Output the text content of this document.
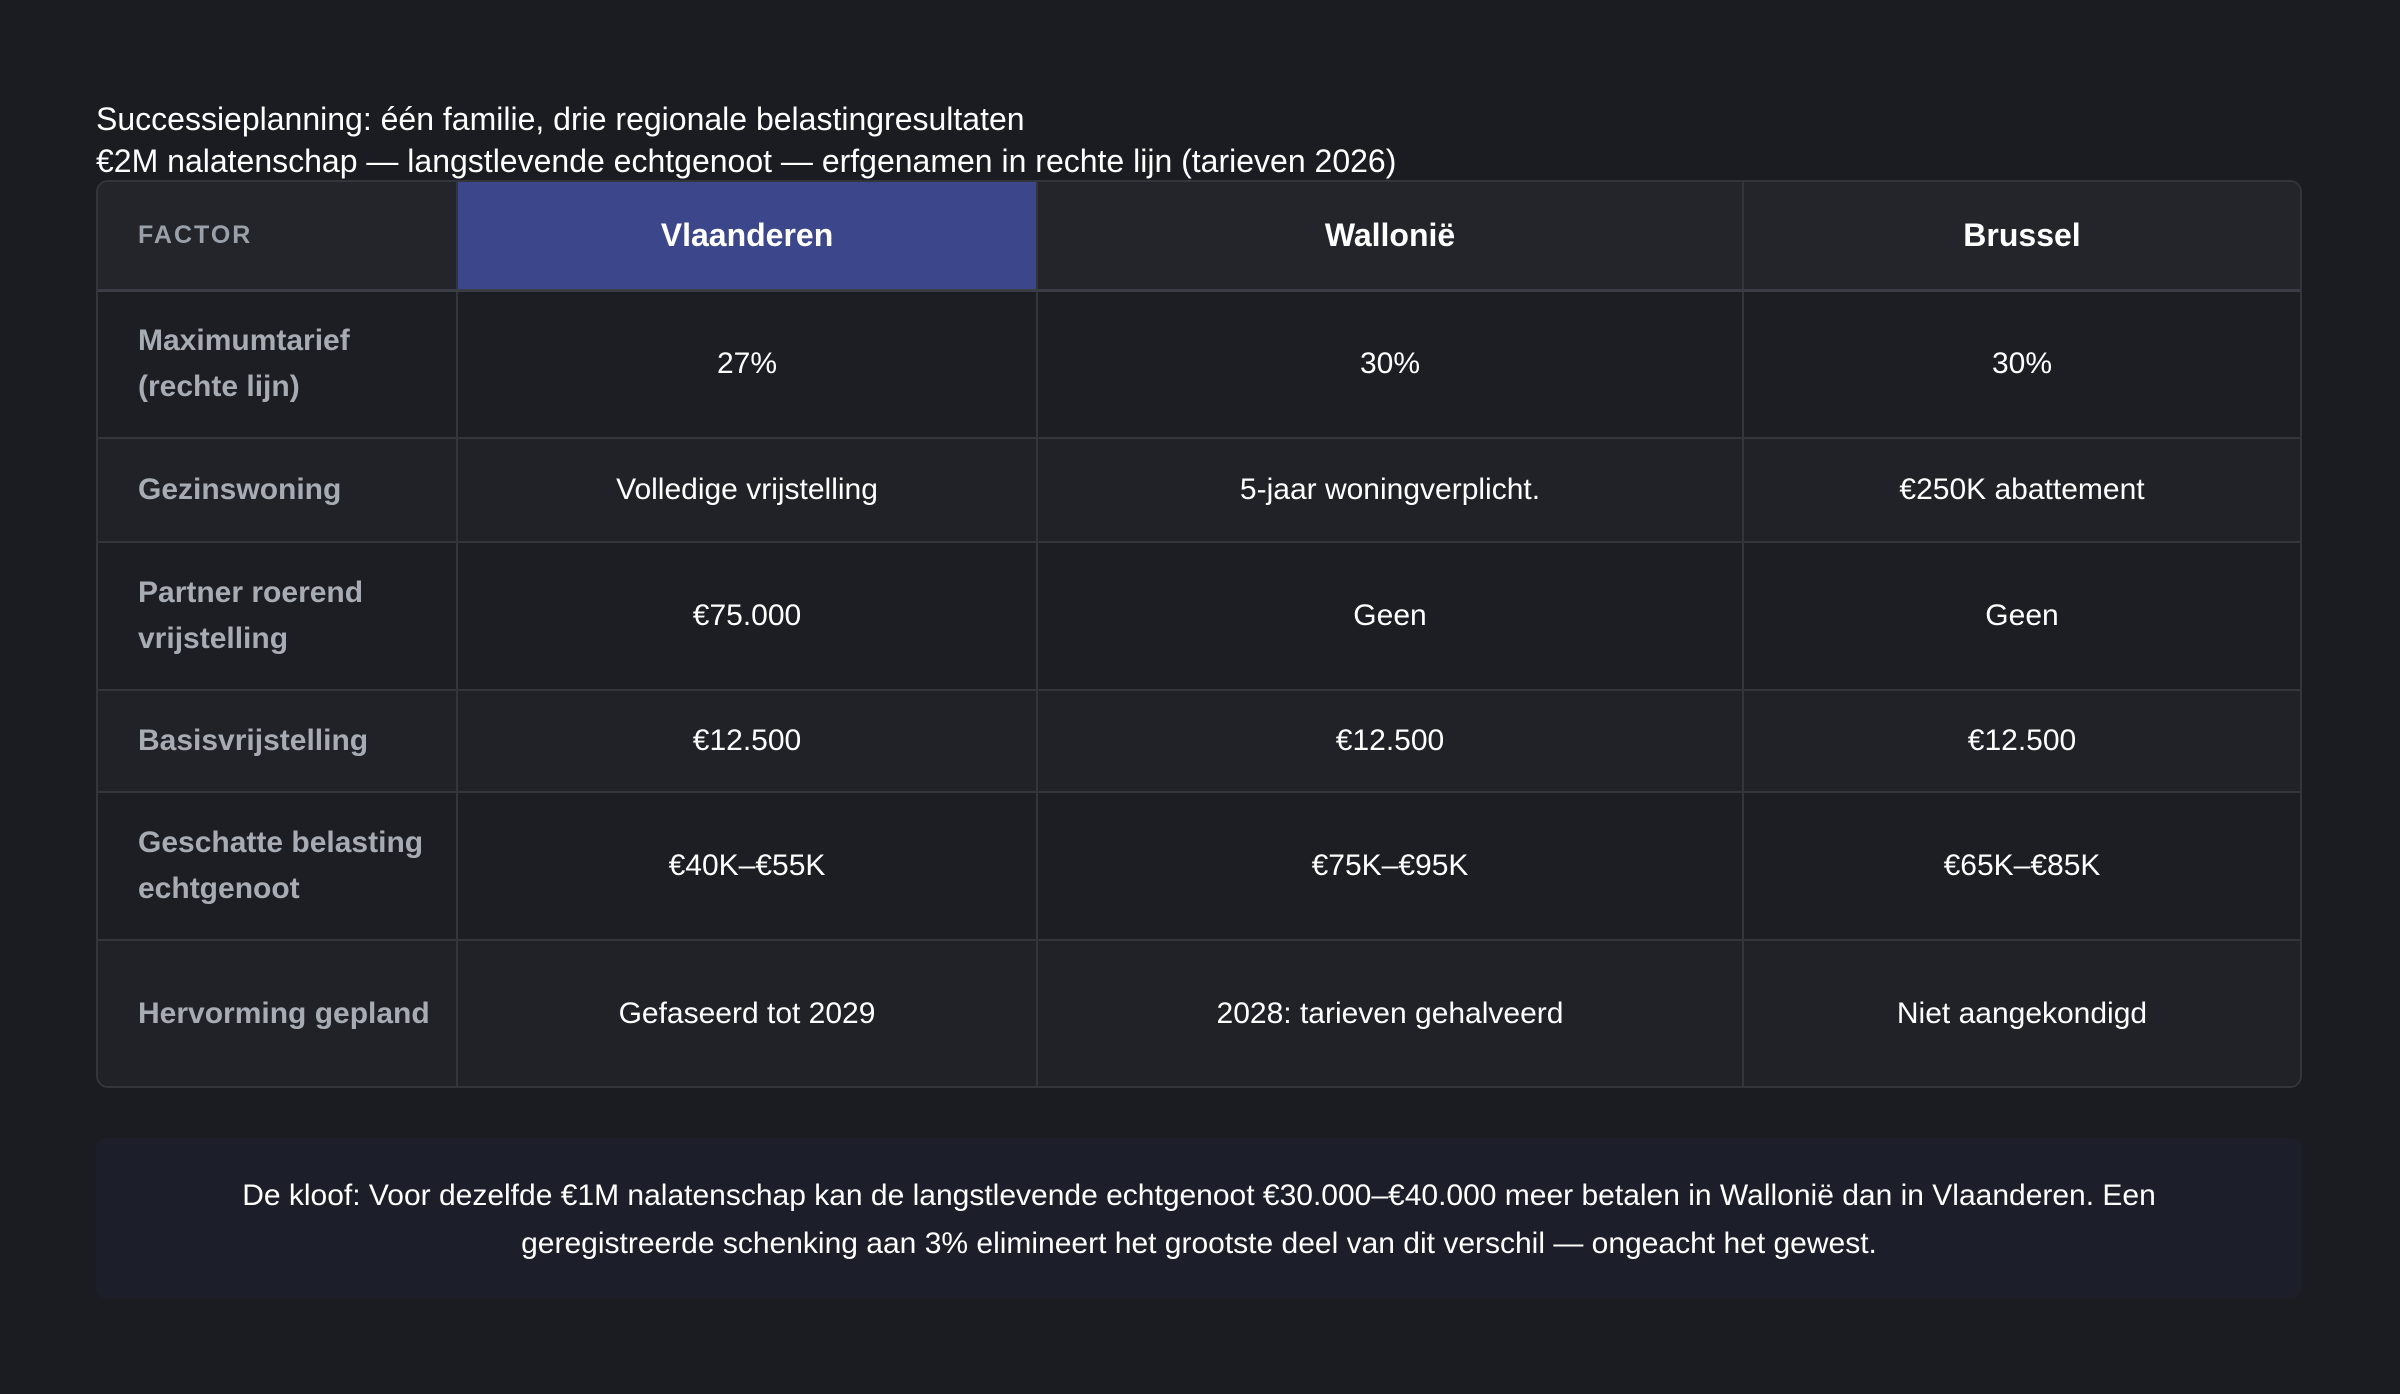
Successieplanning: één familie, drie regionale belastingresultaten
€2M nalatenschap — langstlevende echtgenoot — erfgenamen in rechte lijn (tarieven 2026)
FACTOR	Vlaanderen	Wallonië	Brussel
Maximumtarief (rechte lijn)	27%	30%	30%
Gezinswoning	Volledige vrijstelling	5-jaar woningverplicht.	€250K abattement
Partner roerend vrijstelling	€75.000	Geen	Geen
Basisvrijstelling	€12.500	€12.500	€12.500
Geschatte belasting echtgenoot	€40K–€55K	€75K–€95K	€65K–€85K
Hervorming gepland	Gefaseerd tot 2029	2028: tarieven gehalveerd	Niet aangekondigd
De kloof: Voor dezelfde €1M nalatenschap kan de langstlevende echtgenoot €30.000–€40.000 meer betalen in Wallonië dan in Vlaanderen. Een geregistreerde schenking aan 3% elimineert het grootste deel van dit verschil — ongeacht het gewest.
